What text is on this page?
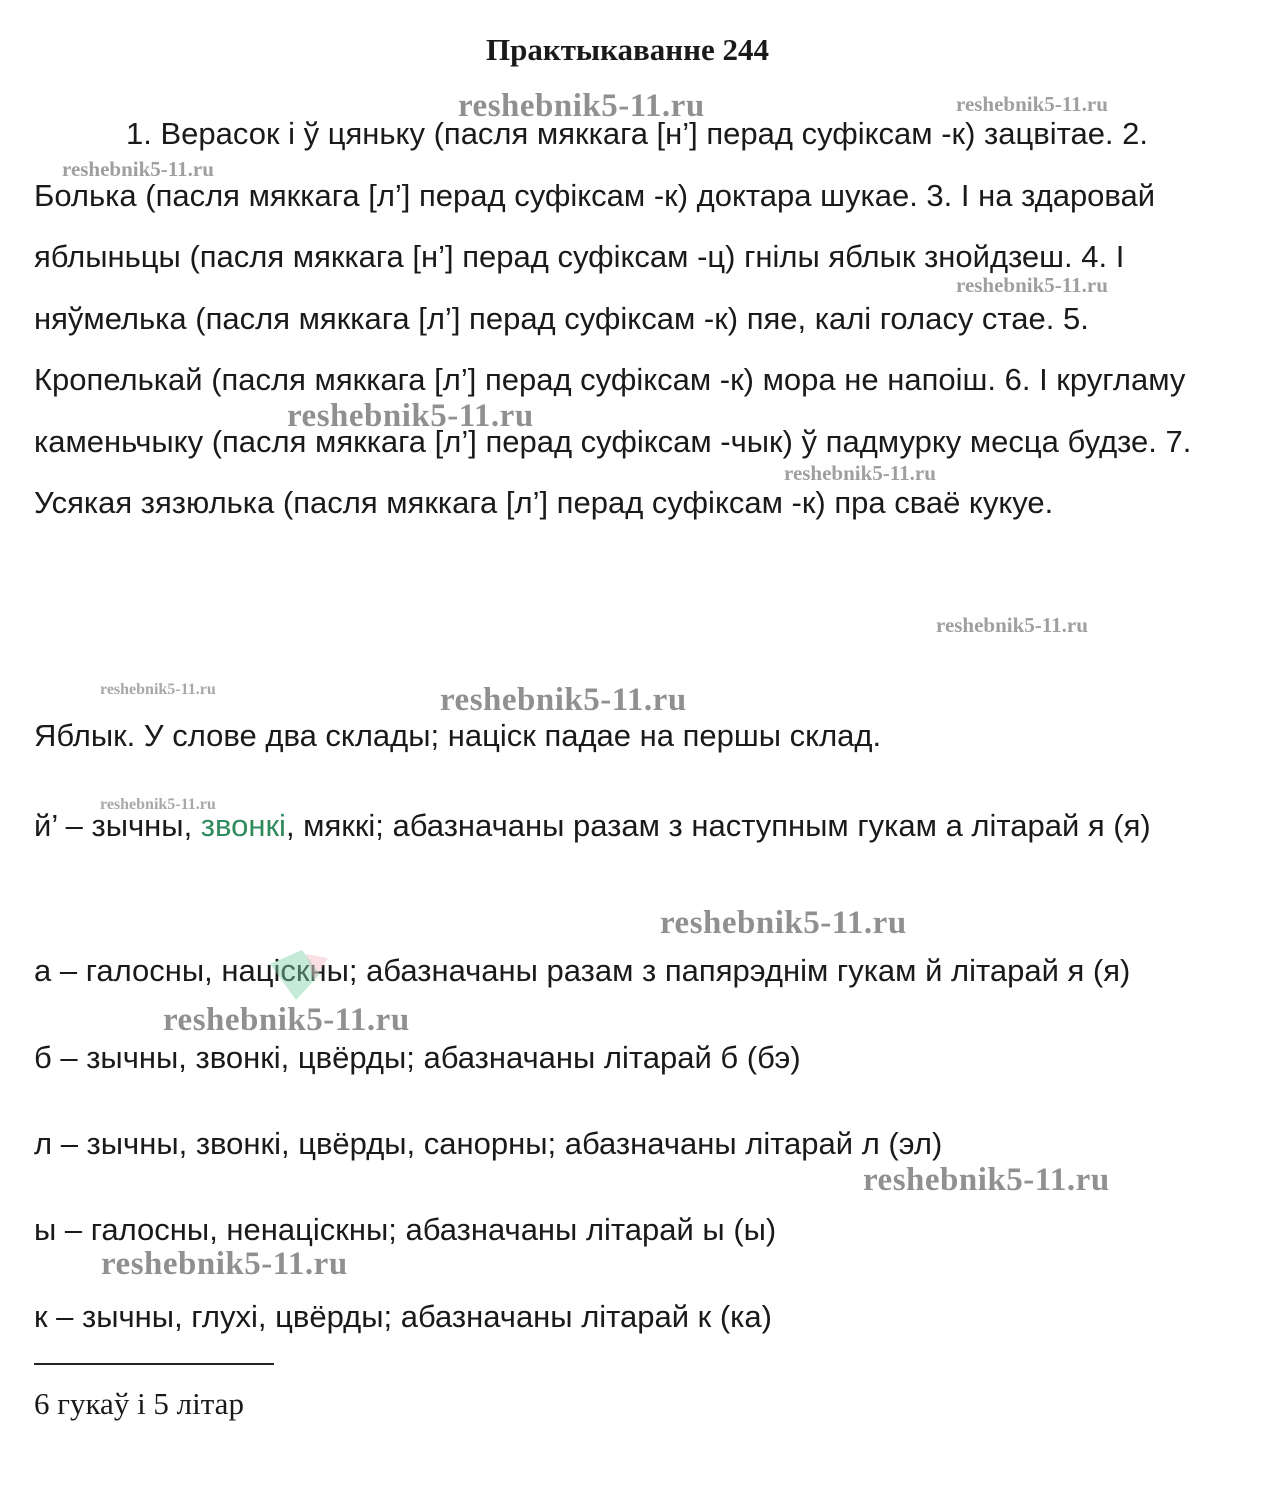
Практыкаванне 244

1. Верасок і ў цяньку (пасля мяккага [н’] перад суфіксам -к) зацвітае. 2. Болька (пасля мяккага [л’] перад суфіксам -к) доктара шукае. 3. І на здаровай яблыньцы (пасля мяккага [н’] перад суфіксам -ц) гнілы яблык знойдзеш. 4. І няўмелька (пасля мяккага [л’] перад суфіксам -к) пяе, калі голасу стае. 5. Кропелькай (пасля мяккага [л’] перад суфіксам -к) мора не напоіш. 6. І кругламу каменьчыку (пасля мяккага [л’] перад суфіксам -чык) ў падмурку месца будзе. 7. Усякая зязюлька (пасля мяккага [л’] перад суфіксам -к) пра сваё кукуе.

Яблык. У слове два склады; націск падае на першы склад.
й’ – зычны, звонкі, мяккі; абазначаны разам з наступным гукам а літарай я (я)
а – галосны, націскны; абазначаны разам з папярэднім гукам й літарай я (я)
б – зычны, звонкі, цвёрды; абазначаны літарай б (бэ)
л – зычны, звонкі, цвёрды, санорны; абазначаны літарай л (эл)
ы – галосны, ненаціскны; абазначаны літарай ы (ы)
к – зычны, глухі, цвёрды; абазначаны літарай к (ка)
6 гукаў і 5 літар
reshebnik5-11.ru	reshebnik5-11.ru
reshebnik5-11.ru
reshebnik5-11.ru
reshebnik5-11.ru
reshebnik5-11.ru
reshebnik5-11.ru
reshebnik5-11.ru	reshebnik5-11.ru
reshebnik5-11.ru
reshebnik5-11.ru
reshebnik5-11.ru
reshebnik5-11.ru
reshebnik5-11.ru
